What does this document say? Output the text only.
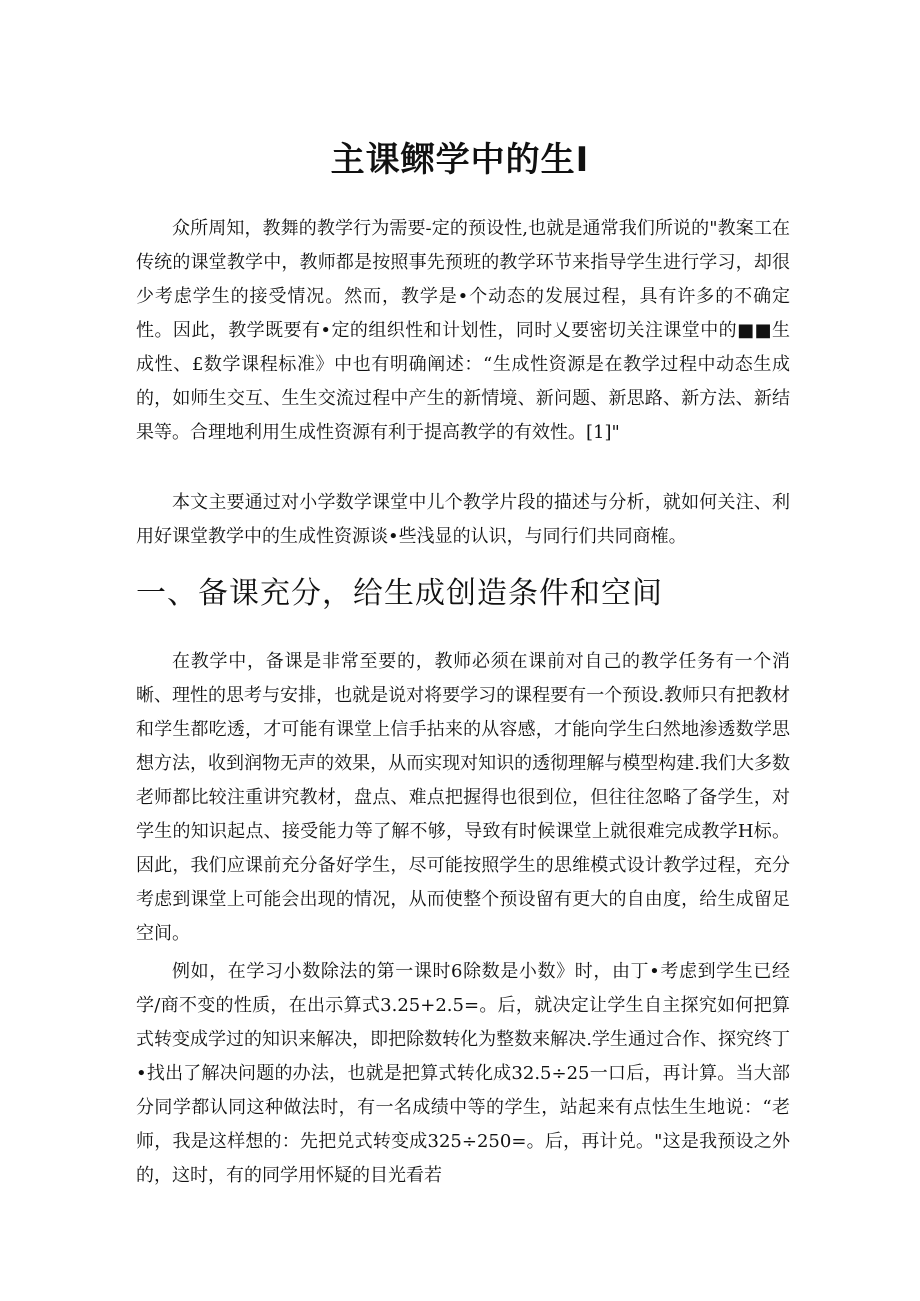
主课鳏学中的生I

众所周知，教舞的教学行为需要-定的预设性,也就是通常我们所说的"教案工在传统的课堂教学中，教师都是按照事先预班的教学环节来指导学生进行学习，却很少考虑学生的接受情况。然而，教学是•个动态的发展过程，具有许多的不确定性。因此，教学既要有•定的组织性和计划性，同时乂要密切关注课堂中的■■生成性、£数学课程标准》中也有明确阐述：“生成性资源是在教学过程中动态生成的，如师生交互、生生交流过程中产生的新情境、新问题、新思路、新方法、新结果等。合理地利用生成性资源有利于提高教学的有效性。[1]"

本文主要通过对小学数学课堂中儿个教学片段的描述与分析，就如何关注、利用好课堂教学中的生成性资源谈•些浅显的认识，与同行们共同商榷。

一、备课充分，给生成创造条件和空间

在教学中，备课是非常至要的，教师必须在课前对自己的教学任务有一个消晰、理性的思考与安排，也就是说对将要学习的课程要有一个预设.教师只有把教材和学生都吃透，才可能有课堂上信手拈来的从容感，才能向学生臼然地渗透数学思想方法，收到润物无声的效果，从而实现对知识的透彻理解与模型构建.我们大多数老师都比较注重讲究教材，盘点、难点把握得也很到位，但往往忽略了备学生，对学生的知识起点、接受能力等了解不够，导致有时候课堂上就很难完成教学H标。因此，我们应课前充分备好学生，尽可能按照学生的思维模式设计教学过程，充分考虑到课堂上可能会出现的情况，从而使整个预设留有更大的自由度，给生成留足空间。

例如，在学习小数除法的第一课时6除数是小数》时，由丁•考虑到学生已经学/商不变的性质，在出示算式3.25+2.5=。后，就决定让学生自主探究如何把算式转变成学过的知识来解决，即把除数转化为整数来解决.学生通过合作、探究终丁•找出了解决问题的办法，也就是把算式转化成32.5÷25一口后，再计算。当大部分同学都认同这种做法时，有一名成绩中等的学生，站起来有点怯生生地说：“老师，我是这样想的：先把兑式转变成325÷250=。后，再计兑。"这是我预设之外的，这时，有的同学用怀疑的目光看若
